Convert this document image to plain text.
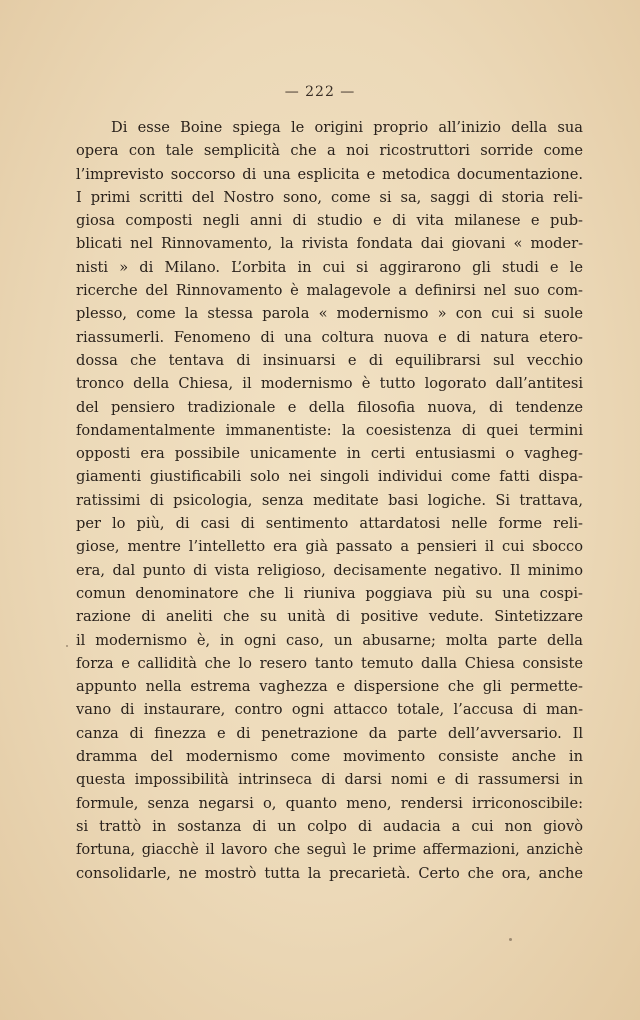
— 222 —
Di esse Boine spiega le origini proprio all’inizio della sua
opera con tale semplicità che a noi ricostruttori sorride come
l’imprevisto soccorso di una esplicita e metodica documentazione.
I primi scritti del Nostro sono, come si sa, saggi di storia reli-
giosa composti negli anni di studio e di vita milanese e pub-
blicati nel Rinnovamento, la rivista fondata dai giovani « moder-
nisti » di Milano. L’orbita in cui si aggirarono gli studi e le
ricerche del Rinnovamento è malagevole a definirsi nel suo com-
plesso, come la stessa parola « modernismo » con cui si suole
riassumerli. Fenomeno di una coltura nuova e di natura etero-
dossa che tentava di insinuarsi e di equilibrarsi sul vecchio
tronco della Chiesa, il modernismo è tutto logorato dall’antitesi
del pensiero tradizionale e della filosofia nuova, di tendenze
fondamentalmente immanentiste: la coesistenza di quei termini
opposti era possibile unicamente in certi entusiasmi o vagheg-
giamenti giustificabili solo nei singoli individui come fatti dispa-
ratissimi di psicologia, senza meditate basi logiche. Si trattava,
per lo più, di casi di sentimento attardatosi nelle forme reli-
giose, mentre l’intelletto era già passato a pensieri il cui sbocco
era, dal punto di vista religioso, decisamente negativo. Il minimo
comun denominatore che li riuniva poggiava più su una cospi-
razione di aneliti che su unità di positive vedute. Sintetizzare
il modernismo è, in ogni caso, un abusarne; molta parte della
forza e callidità che lo resero tanto temuto dalla Chiesa consiste
appunto nella estrema vaghezza e dispersione che gli permette-
vano di instaurare, contro ogni attacco totale, l’accusa di man-
canza di finezza e di penetrazione da parte dell’avversario. Il
dramma del modernismo come movimento consiste anche in
questa impossibilità intrinseca di darsi nomi e di rassumersi in
formule, senza negarsi o, quanto meno, rendersi irriconoscibile:
si trattò in sostanza di un colpo di audacia a cui non giovò
fortuna, giacchè il lavoro che seguì le prime affermazioni, anzichè
consolidarle, ne mostrò tutta la precarietà. Certo che ora, anche
